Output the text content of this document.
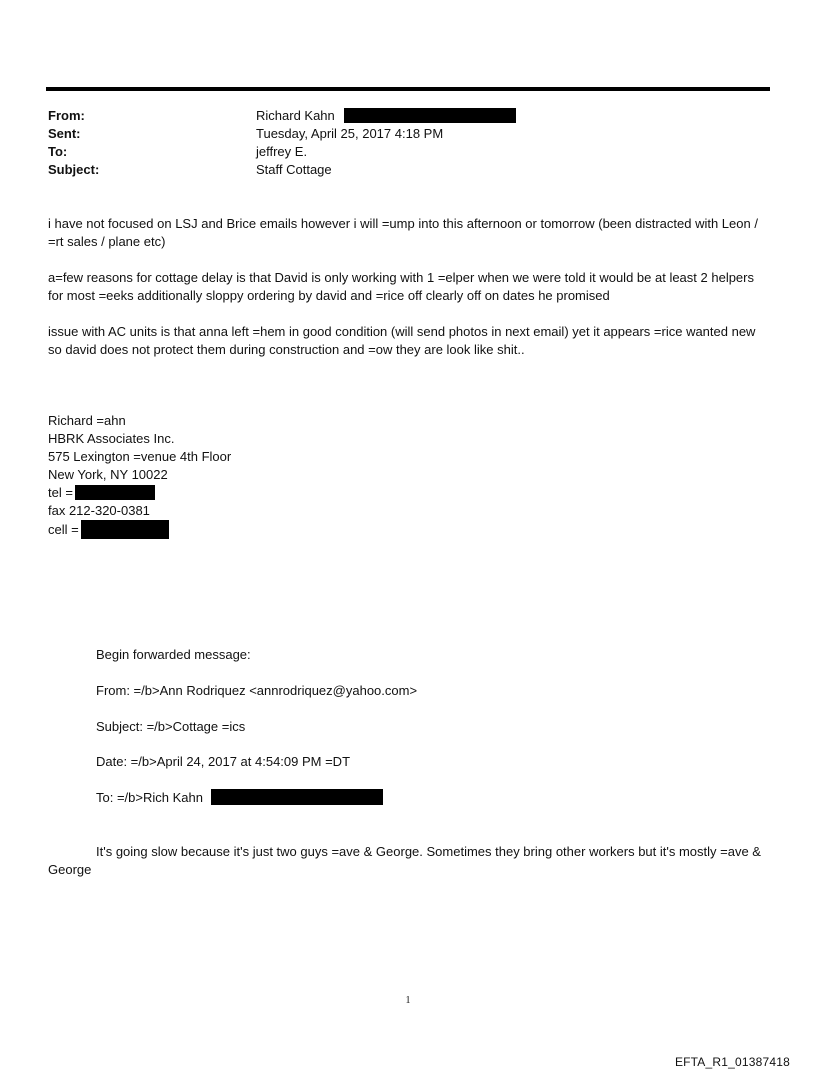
From:	Richard Kahn
Sent:	Tuesday, April 25, 2017 4:18 PM
To:	jeffrey E.
Subject:	Staff Cottage
i have not focused on LSJ and Brice emails however i will =ump into this afternoon or tomorrow (been distracted with Leon / =rt sales / plane etc)
a=few reasons for cottage delay is that David is only working with 1 =elper when we were told it would be at least 2 helpers for most =eeks additionally sloppy ordering by david and =rice off clearly off on dates he promised
issue with AC units is that anna left =hem in good condition (will send photos in next email) yet it appears =rice wanted new so david does not protect them during construction and =ow they are look like shit..
Richard =ahn
HBRK Associates Inc.
575 Lexington =venue 4th Floor
New York, NY 10022
tel =
fax 212-320-0381
cell =
Begin forwarded message:
From: =/b>Ann Rodriquez <annrodriquez@yahoo.com>
Subject: =/b>Cottage =ics
Date: =/b>April 24, 2017 at 4:54:09 PM =DT
To: =/b>Rich Kahn
It's going slow because it's just two guys =ave & George. Sometimes they bring other workers but it's mostly =ave & George
1
EFTA_R1_01387418
